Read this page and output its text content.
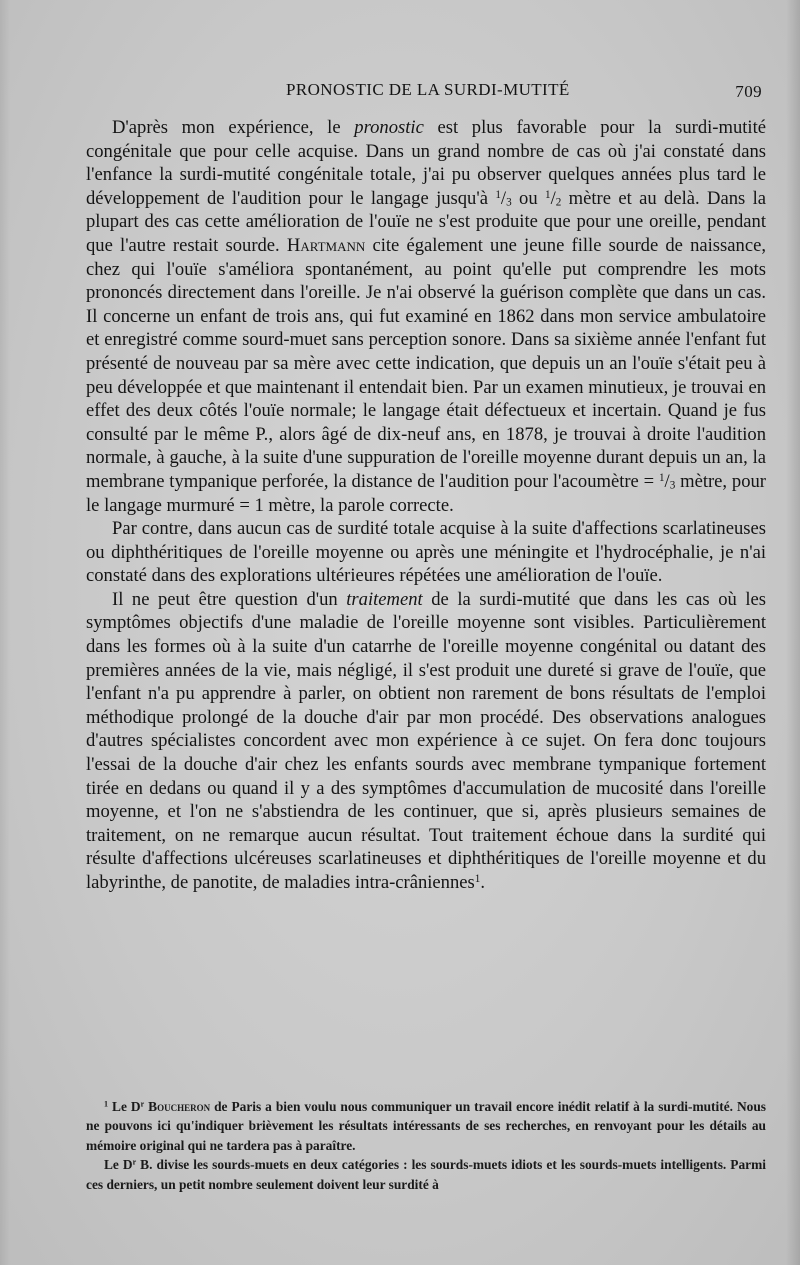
PRONOSTIC DE LA SURDI-MUTITÉ	709

D'après mon expérience, le pronostic est plus favorable pour la surdi-mutité congénitale que pour celle acquise. Dans un grand nombre de cas où j'ai constaté dans l'enfance la surdi-mutité congénitale totale, j'ai pu observer quelques années plus tard le développement de l'audition pour le langage jusqu'à $^1/_3$ ou $^1/_2$ mètre et au delà. Dans la plupart des cas cette amélioration de l'ouïe ne s'est produite que pour une oreille, pendant que l'autre restait sourde. Hartmann cite également une jeune fille sourde de naissance, chez qui l'ouïe s'améliora spontanément, au point qu'elle put comprendre les mots prononcés directement dans l'oreille. Je n'ai observé la guérison complète que dans un cas. Il concerne un enfant de trois ans, qui fut examiné en 1862 dans mon service ambulatoire et enregistré comme sourd-muet sans perception sonore. Dans sa sixième année l'enfant fut présenté de nouveau par sa mère avec cette indication, que depuis un an l'ouïe s'était peu à peu développée et que maintenant il entendait bien. Par un examen minutieux, je trouvai en effet des deux côtés l'ouïe normale; le langage était défectueux et incertain. Quand je fus consulté par le même P., alors âgé de dix-neuf ans, en 1878, je trouvai à droite l'audition normale, à gauche, à la suite d'une suppuration de l'oreille moyenne durant depuis un an, la membrane tympanique perforée, la distance de l'audition pour l'acoumètre = $^1/_3$ mètre, pour le langage murmuré = 1 mètre, la parole correcte.

Par contre, dans aucun cas de surdité totale acquise à la suite d'affections scarlatineuses ou diphthéritiques de l'oreille moyenne ou après une méningite et l'hydrocéphalie, je n'ai constaté dans des explorations ultérieures répétées une amélioration de l'ouïe.

Il ne peut être question d'un traitement de la surdi-mutité que dans les cas où les symptômes objectifs d'une maladie de l'oreille moyenne sont visibles. Particulièrement dans les formes où à la suite d'un catarrhe de l'oreille moyenne congénital ou datant des premières années de la vie, mais négligé, il s'est produit une dureté si grave de l'ouïe, que l'enfant n'a pu apprendre à parler, on obtient non rarement de bons résultats de l'emploi méthodique prolongé de la douche d'air par mon procédé. Des observations analogues d'autres spécialistes concordent avec mon expérience à ce sujet. On fera donc toujours l'essai de la douche d'air chez les enfants sourds avec membrane tympanique fortement tirée en dedans ou quand il y a des symptômes d'accumulation de mucosité dans l'oreille moyenne, et l'on ne s'abstiendra de les continuer, que si, après plusieurs semaines de traitement, on ne remarque aucun résultat. Tout traitement échoue dans la surdité qui résulte d'affections ulcéreuses scarlatineuses et diphthéritiques de l'oreille moyenne et du labyrinthe, de panotite, de maladies intra-crâniennes$^1$.

$^1$ Le $D^r$ Boucheron de Paris a bien voulu nous communiquer un travail encore inédit relatif à la surdi-mutité. Nous ne pouvons ici qu'indiquer brièvement les résultats intéressants de ses recherches, en renvoyant pour les détails au mémoire original qui ne tardera pas à paraître.

Le $D^r$ B. divise les sourds-muets en deux catégories : les sourds-muets idiots et les sourds-muets intelligents. Parmi ces derniers, un petit nombre seulement doivent leur surdité à
